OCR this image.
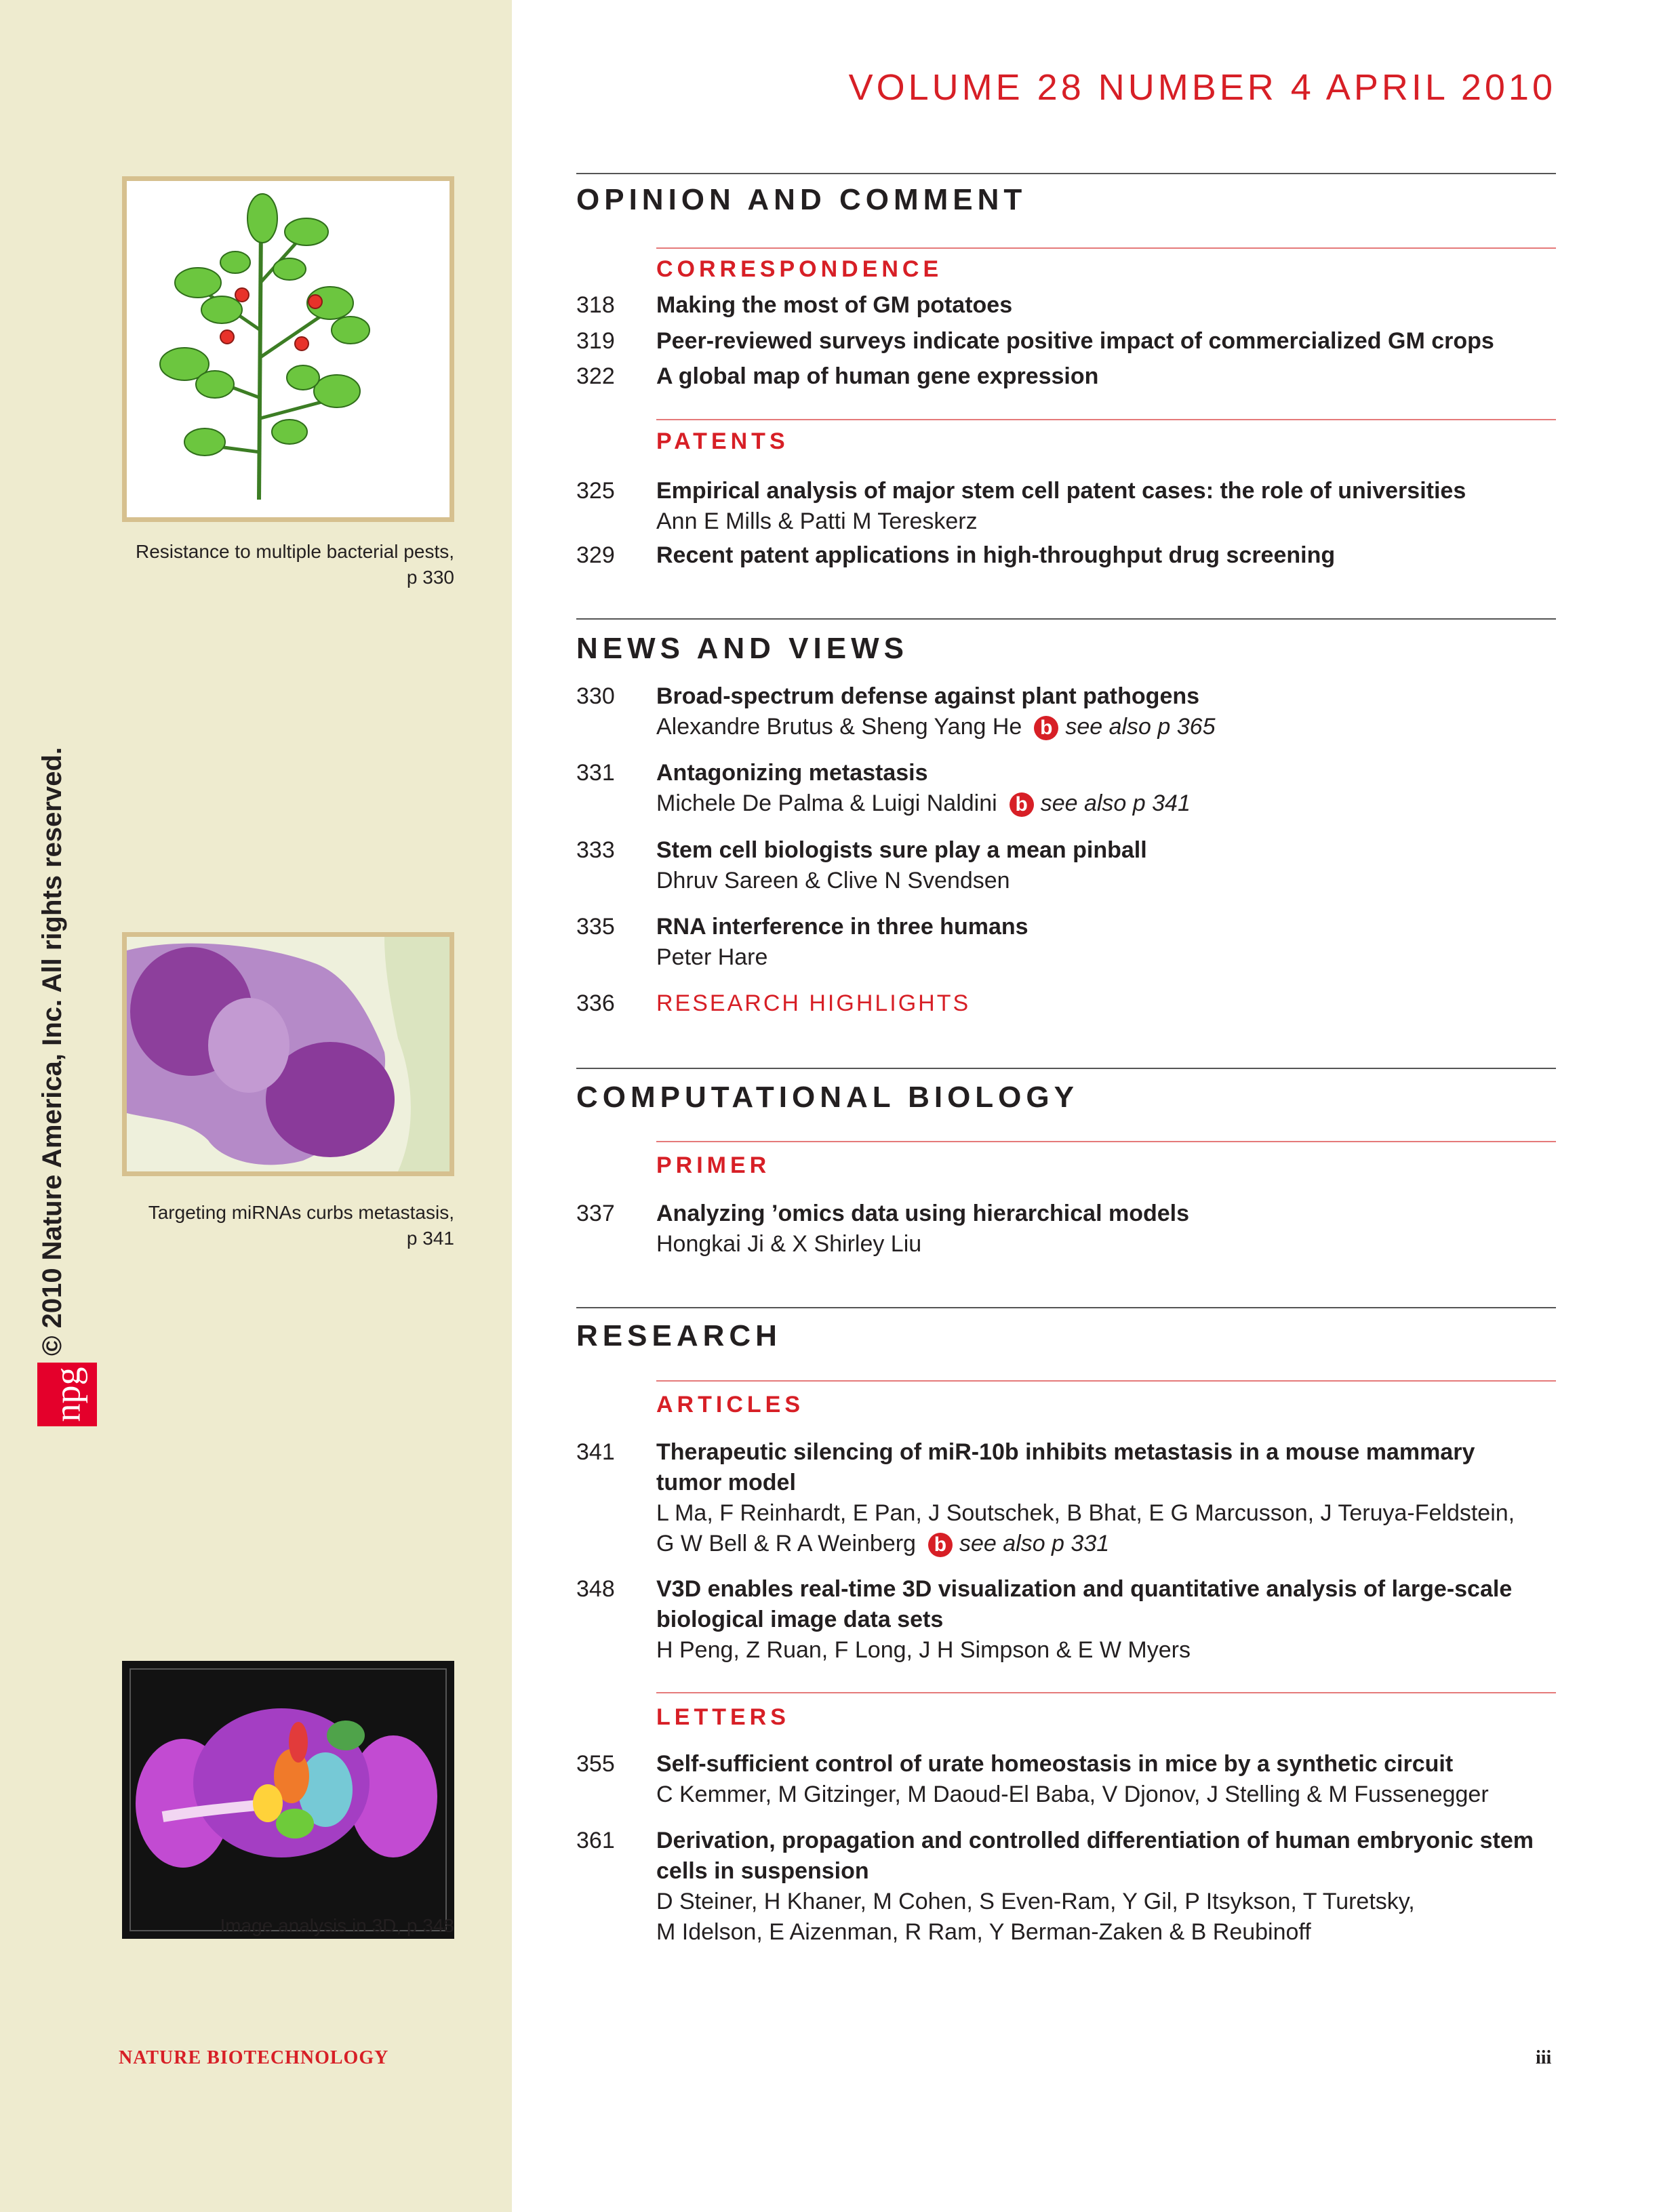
Resistance to multiple bacterial pests,
p 330
Targeting miRNAs curbs metastasis,
p 341
Image analysis in 3D, p 348
© 2010 Nature America, Inc. All rights reserved.
npg
NATURE BIOTECHNOLOGY	iii
VOLUME 28 NUMBER 4 APRIL 2010
OPINION AND COMMENT
CORRESPONDENCE
318 Making the most of GM potatoes
319 Peer-reviewed surveys indicate positive impact of commercialized GM crops
322 A global map of human gene expression
PATENTS
325 Empirical analysis of major stem cell patent cases: the role of universities
Ann E Mills & Patti M Tereskerz
329 Recent patent applications in high-throughput drug screening
NEWS AND VIEWS
330 Broad-spectrum defense against plant pathogens
Alexandre Brutus & Sheng Yang He b see also p 365
331 Antagonizing metastasis
Michele De Palma & Luigi Naldini b see also p 341
333 Stem cell biologists sure play a mean pinball
Dhruv Sareen & Clive N Svendsen
335 RNA interference in three humans
Peter Hare
336 RESEARCH HIGHLIGHTS
COMPUTATIONAL BIOLOGY
PRIMER
337 Analyzing ’omics data using hierarchical models
Hongkai Ji & X Shirley Liu
RESEARCH
ARTICLES
341 Therapeutic silencing of miR-10b inhibits metastasis in a mouse mammary
tumor model
L Ma, F Reinhardt, E Pan, J Soutschek, B Bhat, E G Marcusson, J Teruya-Feldstein,
G W Bell & R A Weinberg b see also p 331
348 V3D enables real-time 3D visualization and quantitative analysis of large-scale
biological image data sets
H Peng, Z Ruan, F Long, J H Simpson & E W Myers
LETTERS
355 Self-sufficient control of urate homeostasis in mice by a synthetic circuit
C Kemmer, M Gitzinger, M Daoud-El Baba, V Djonov, J Stelling & M Fussenegger
361 Derivation, propagation and controlled differentiation of human embryonic stem
cells in suspension
D Steiner, H Khaner, M Cohen, S Even-Ram, Y Gil, P Itsykson, T Turetsky,
M Idelson, E Aizenman, R Ram, Y Berman-Zaken & B Reubinoff
